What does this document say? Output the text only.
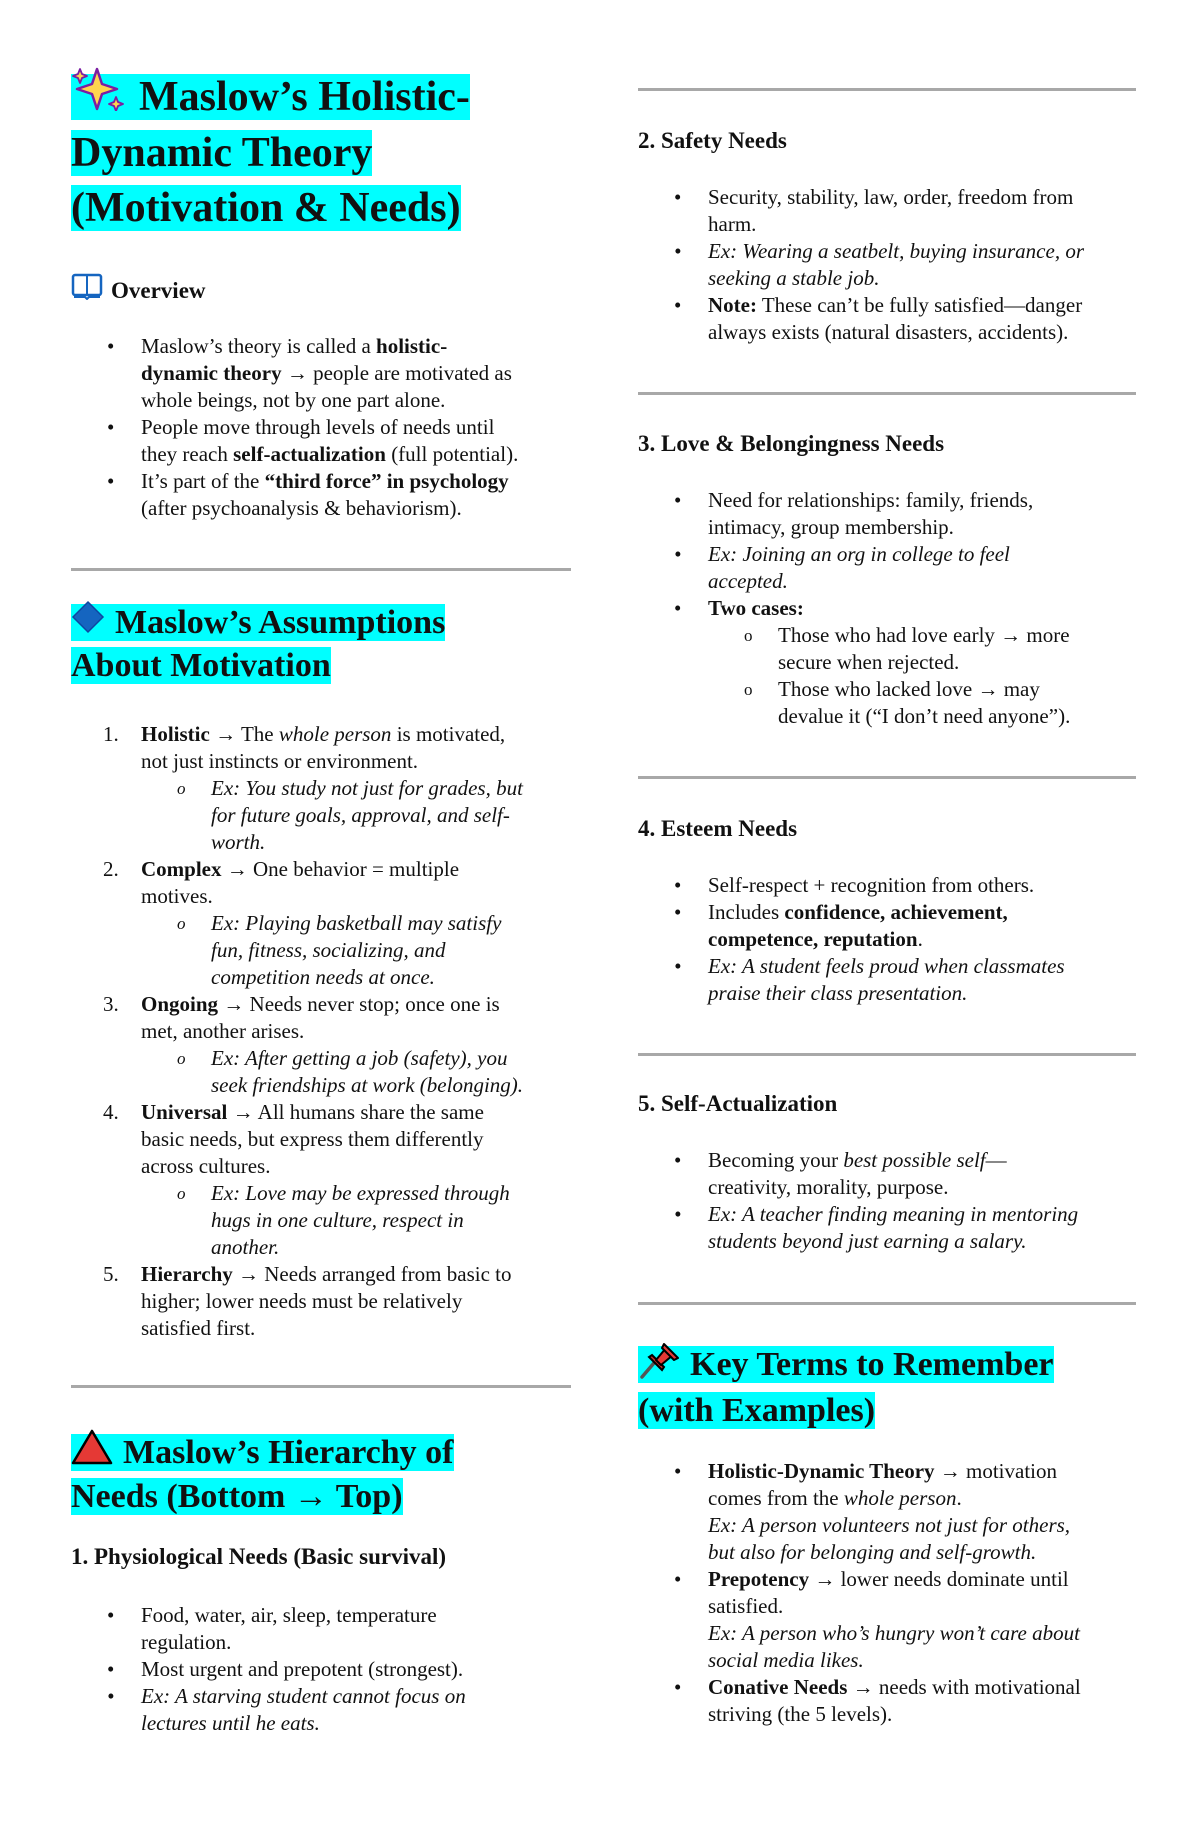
Maslow’s Holistic-
Dynamic Theory
(Motivation & Needs)
Overview
• Maslow’s theory is called a holistic-
dynamic theory → people are motivated as
whole beings, not by one part alone.
• People move through levels of needs until
they reach self-actualization (full potential).
• It’s part of the “third force” in psychology
(after psychoanalysis & behaviorism).
Maslow’s Assumptions
About Motivation
1. Holistic → The whole person is motivated,
not just instincts or environment.
o Ex: You study not just for grades, but
for future goals, approval, and self-
worth.
2. Complex → One behavior = multiple
motives.
o Ex: Playing basketball may satisfy
fun, fitness, socializing, and
competition needs at once.
3. Ongoing → Needs never stop; once one is
met, another arises.
o Ex: After getting a job (safety), you
seek friendships at work (belonging).
4. Universal → All humans share the same
basic needs, but express them differently
across cultures.
o Ex: Love may be expressed through
hugs in one culture, respect in
another.
5. Hierarchy → Needs arranged from basic to
higher; lower needs must be relatively
satisfied first.
Maslow’s Hierarchy of
Needs (Bottom → Top)
1. Physiological Needs (Basic survival)
• Food, water, air, sleep, temperature
regulation.
• Most urgent and prepotent (strongest).
• Ex: A starving student cannot focus on
lectures until he eats.
2. Safety Needs
• Security, stability, law, order, freedom from
harm.
• Ex: Wearing a seatbelt, buying insurance, or
seeking a stable job.
• Note: These can’t be fully satisfied—danger
always exists (natural disasters, accidents).
3. Love & Belongingness Needs
• Need for relationships: family, friends,
intimacy, group membership.
• Ex: Joining an org in college to feel
accepted.
• Two cases:
o Those who had love early → more
secure when rejected.
o Those who lacked love → may
devalue it (“I don’t need anyone”).
4. Esteem Needs
• Self-respect + recognition from others.
• Includes confidence, achievement,
competence, reputation.
• Ex: A student feels proud when classmates
praise their class presentation.
5. Self-Actualization
• Becoming your best possible self—
creativity, morality, purpose.
• Ex: A teacher finding meaning in mentoring
students beyond just earning a salary.
Key Terms to Remember
(with Examples)
• Holistic-Dynamic Theory → motivation
comes from the whole person.
Ex: A person volunteers not just for others,
but also for belonging and self-growth.
• Prepotency → lower needs dominate until
satisfied.
Ex: A person who’s hungry won’t care about
social media likes.
• Conative Needs → needs with motivational
striving (the 5 levels).
